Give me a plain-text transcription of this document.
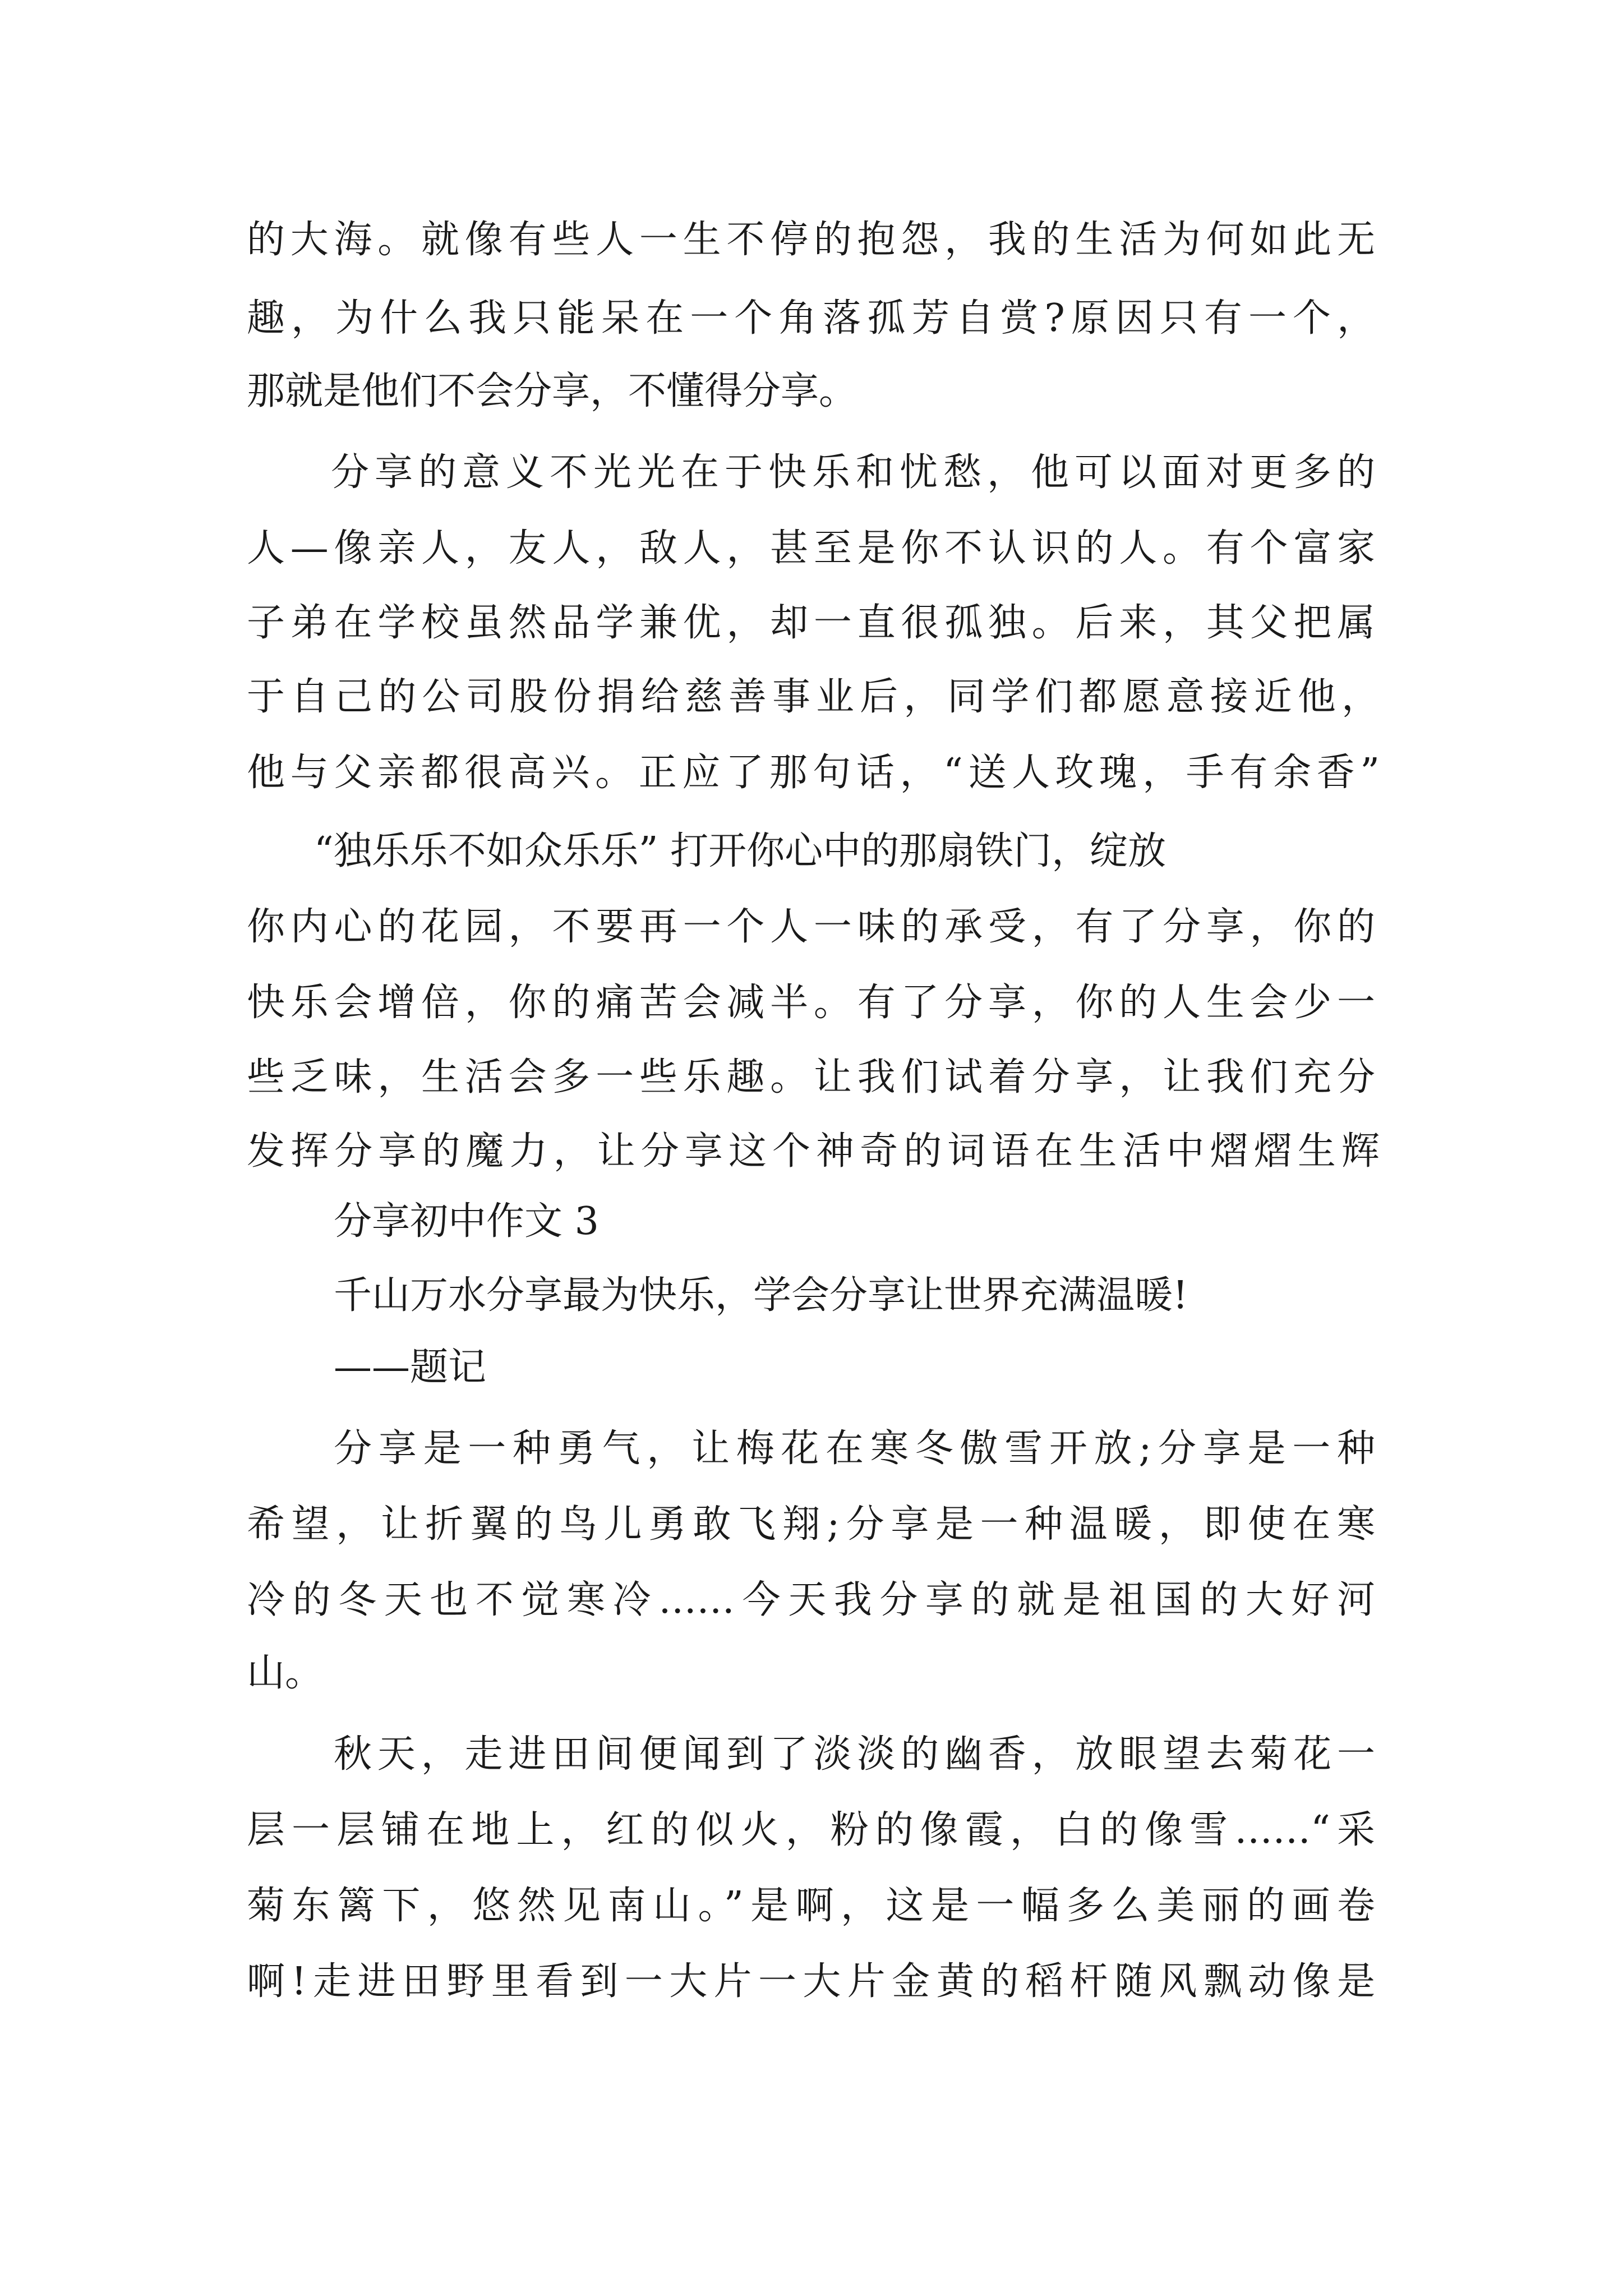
的大海。就像有些人一生不停的抱怨，我的生活为何如此无
趣，为什么我只能呆在一个角落孤芳自赏?原因只有一个，
那就是他们不会分享，不懂得分享。
分享的意义不光光在于快乐和忧愁，他可以面对更多的
人—像亲人，友人，敌人，甚至是你不认识的人。有个富家
子弟在学校虽然品学兼优，却一直很孤独。后来，其父把属
于自己的公司股份捐给慈善事业后，同学们都愿意接近他，
他与父亲都很高兴。正应了那句话，“送人玫瑰，手有余香”
“独乐乐不如众乐乐” 打开你心中的那扇铁门，绽放
你内心的花园，不要再一个人一味的承受，有了分享，你的
快乐会增倍，你的痛苦会减半。有了分享，你的人生会少一
些乏味，生活会多一些乐趣。让我们试着分享，让我们充分
发挥分享的魔力，让分享这个神奇的词语在生活中熠熠生辉
分享初中作文 3
千山万水分享最为快乐，学会分享让世界充满温暖!
——题记
分享是一种勇气，让梅花在寒冬傲雪开放;分享是一种
希望，让折翼的鸟儿勇敢飞翔;分享是一种温暖，即使在寒
冷的冬天也不觉寒冷……今天我分享的就是祖国的大好河
山。
秋天，走进田间便闻到了淡淡的幽香，放眼望去菊花一
层一层铺在地上，红的似火，粉的像霞，白的像雪……“采
菊东篱下，悠然见南山。”是啊，这是一幅多么美丽的画卷
啊!走进田野里看到一大片一大片金黄的稻杆随风飘动像是
